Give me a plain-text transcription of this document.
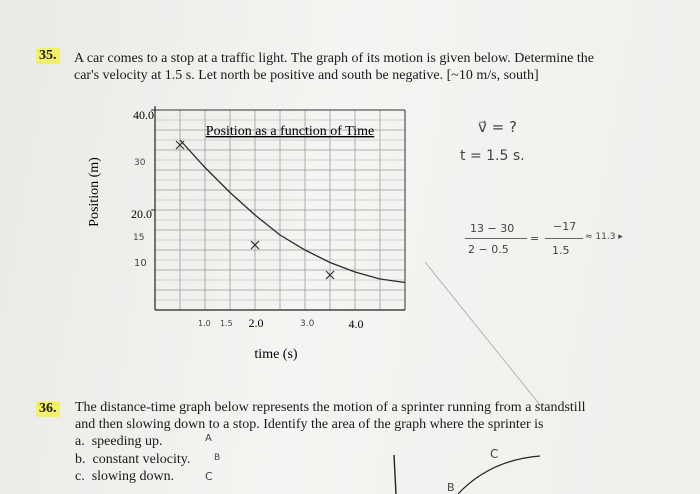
35. A car comes to a stop at a traffic light. The graph of its motion is given below. Determine the
car's velocity at 1.5 s. Let north be positive and south be negative. [~10 m/s, south]
40.0
20.0
2.0	4.0
Position as a function of Time
time (s)
Position (m)
v⃗ = ?
t = 1.5 s.
13 − 30
2 − 0.5
=
−17
1.5
≈ 11.3 ▸
30
15
10
1.0 1.5	3.0
36. The distance-time graph below represents the motion of a sprinter running from a standstill
and then slowing down to a stop. Identify the area of the graph where the sprinter is
a. speeding up.
b. constant velocity.
c. slowing down.
A
B
C
C
B
